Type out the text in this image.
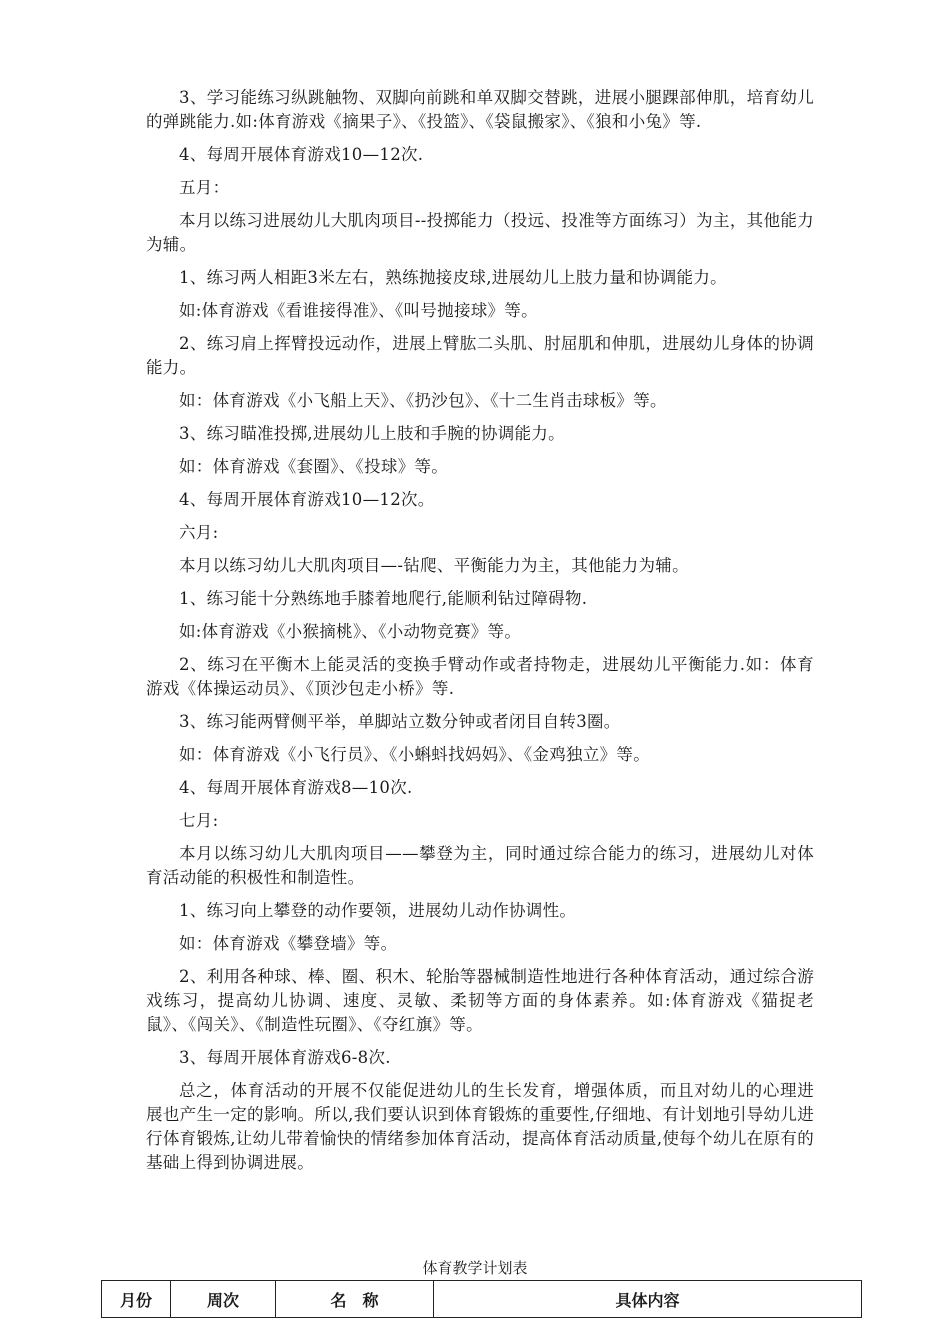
3、学习能练习纵跳触物、双脚向前跳和单双脚交替跳，进展小腿踝部伸肌，培育幼儿的弹跳能力.如:体育游戏《摘果子》、《投篮》、《袋鼠搬家》、《狼和小兔》等.

4、每周开展体育游戏10—12次.

五月：

本月以练习进展幼儿大肌肉项目--投掷能力（投远、投准等方面练习）为主，其他能力为辅。

1、练习两人相距3米左右，熟练抛接皮球,进展幼儿上肢力量和协调能力。

如:体育游戏《看谁接得准》、《叫号抛接球》等。

2、练习肩上挥臂投远动作，进展上臂肱二头肌、肘屈肌和伸肌，进展幼儿身体的协调能力。

如：体育游戏《小飞船上天》、《扔沙包》、《十二生肖击球板》等。

3、练习瞄准投掷,进展幼儿上肢和手腕的协调能力。

如：体育游戏《套圈》、《投球》等。

4、每周开展体育游戏10—12次。

六月:

本月以练习幼儿大肌肉项目—-钻爬、平衡能力为主，其他能力为辅。

1、练习能十分熟练地手膝着地爬行,能顺利钻过障碍物.

如:体育游戏《小猴摘桃》、《小动物竞赛》等。

2、练习在平衡木上能灵活的变换手臂动作或者持物走，进展幼儿平衡能力.如：体育游戏《体操运动员》、《顶沙包走小桥》等.

3、练习能两臂侧平举，单脚站立数分钟或者闭目自转3圈。

如：体育游戏《小飞行员》、《小蝌蚪找妈妈》、《金鸡独立》等。

4、每周开展体育游戏8—10次.

七月:

本月以练习幼儿大肌肉项目——攀登为主，同时通过综合能力的练习，进展幼儿对体育活动能的积极性和制造性。

1、练习向上攀登的动作要领，进展幼儿动作协调性。

如：体育游戏《攀登墙》等。

2、利用各种球、棒、圈、积木、轮胎等器械制造性地进行各种体育活动，通过综合游戏练习，提高幼儿协调、速度、灵敏、柔韧等方面的身体素养。如:体育游戏《猫捉老鼠》、《闯关》、《制造性玩圈》、《夺红旗》等。

3、每周开展体育游戏6-8次.

总之，体育活动的开展不仅能促进幼儿的生长发育，增强体质，而且对幼儿的心理进展也产生一定的影响。所以,我们要认识到体育锻炼的重要性,仔细地、有计划地引导幼儿进行体育锻炼,让幼儿带着愉快的情绪参加体育活动，提高体育活动质量,使每个幼儿在原有的基础上得到协调进展。

体育教学计划表
月份	周次	名　称	具体内容
